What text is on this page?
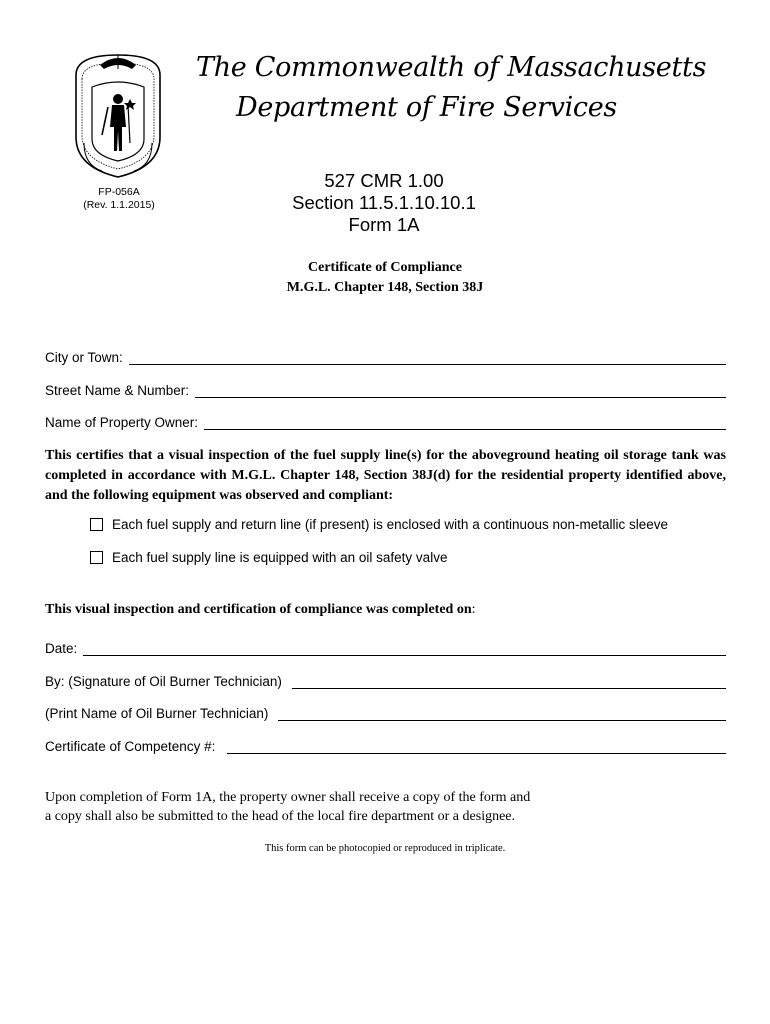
The Commonwealth of Massachusetts
Department of Fire Services
FP-056A
(Rev. 1.1.2015)
527 CMR 1.00
Section 11.5.1.10.10.1
Form 1A
Certificate of Compliance
M.G.L. Chapter 148, Section 38J
City or Town:
Street Name & Number:
Name of Property Owner:
This certifies that a visual inspection of the fuel supply line(s) for the aboveground heating oil storage tank was completed in accordance with M.G.L. Chapter 148, Section 38J(d) for the residential property identified above, and the following equipment was observed and compliant:
Each fuel supply and return line (if present) is enclosed with a continuous non-metallic sleeve
Each fuel supply line is equipped with an oil safety valve
This visual inspection and certification of compliance was completed on:
Date:
By: (Signature of Oil Burner Technician)
(Print Name of Oil Burner Technician)
Certificate of Competency #:
Upon completion of Form 1A, the property owner shall receive a copy of the form and
a copy shall also be submitted to the head of the local fire department or a designee.
This form can be photocopied or reproduced in triplicate.
